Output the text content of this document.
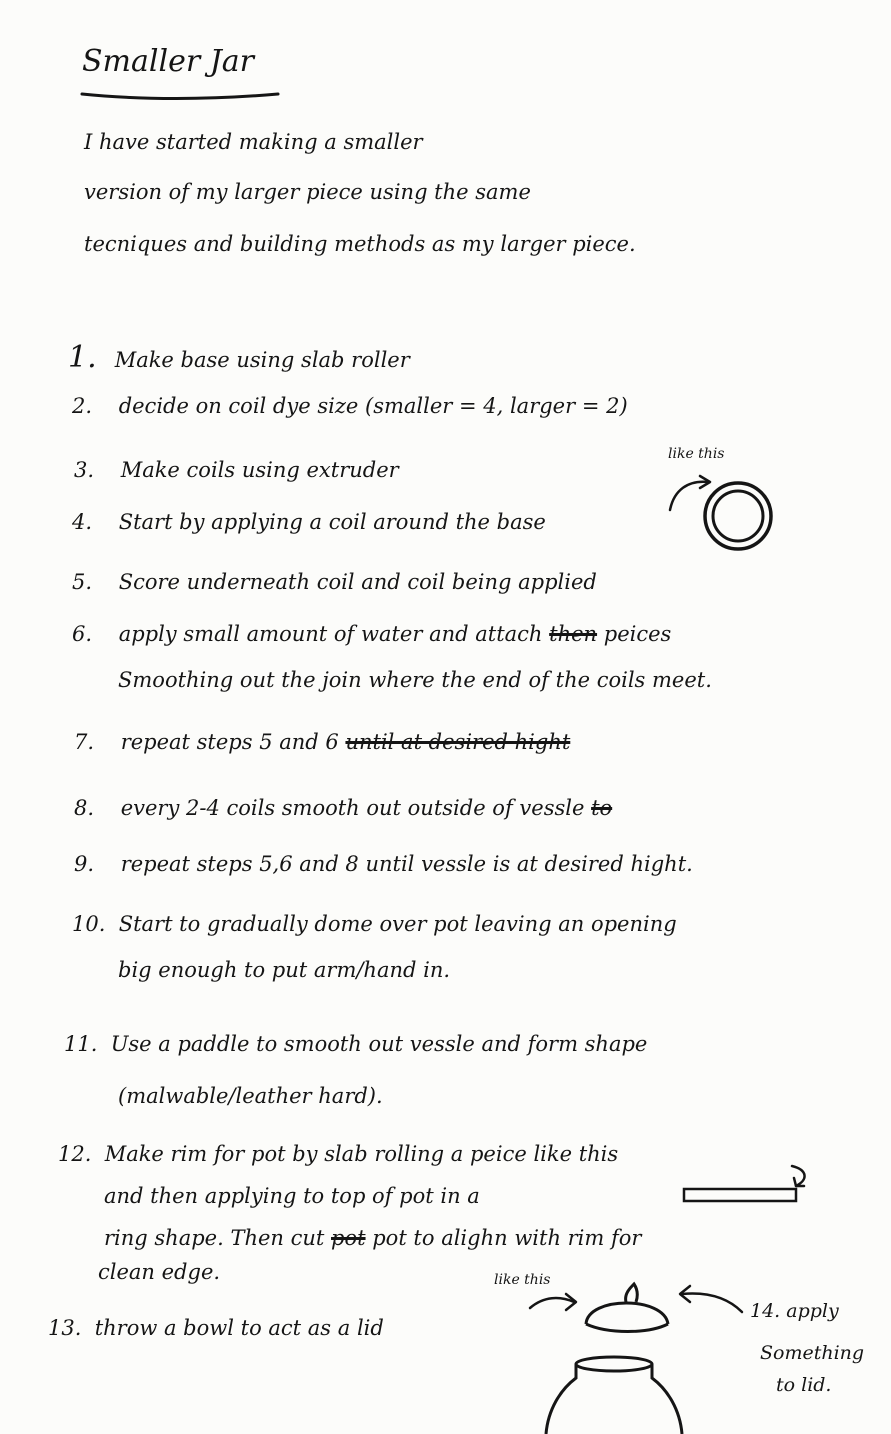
Smaller Jar
I have started making a smaller
version of my larger piece using the same
tecniques and building methods as my larger piece.
1. Make base using slab roller
2. decide on coil dye size (smaller = 4, larger = 2)
3. Make coils using extruder
like this
4. Start by applying a coil around the base
5. Score underneath coil and coil being applied
6. apply small amount of water and attach then peices
Smoothing out the join where the end of the coils meet.
7. repeat steps 5 and 6 until at desired hight
8. every 2-4 coils smooth out outside of vessle to
9. repeat steps 5,6 and 8 until vessle is at desired hight.
10. Start to gradually dome over pot leaving an opening
big enough to put arm/hand in.
11. Use a paddle to smooth out vessle and form shape
(malwable/leather hard).
12. Make rim for pot by slab rolling a peice like this
and then applying to top of pot in a
ring shape. Then cut pot pot to alighn with rim for
clean edge.
13. throw a bowl to act as a lid
like this
14. apply
Something
to lid.
